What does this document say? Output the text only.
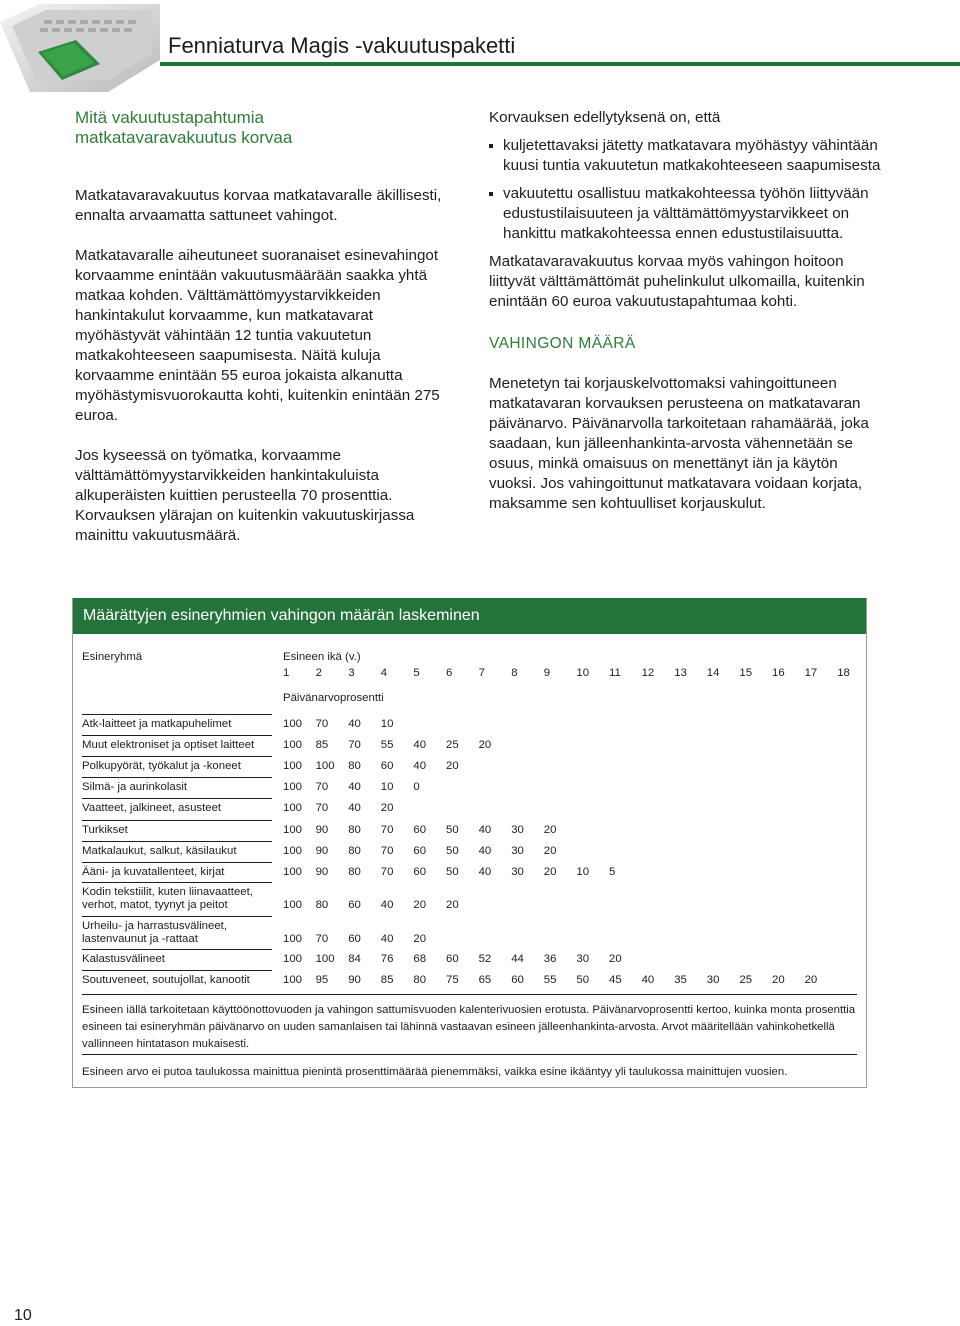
Fenniaturva Magis -vakuutuspaketti
Mitä vakuutustapahtumia
matkatavaravakuutus korvaa

Matkatavaravakuutus korvaa matkatavaralle äkillisesti, ennalta arvaamatta sattuneet vahingot.

Matkatavaralle aiheutuneet suoranaiset esinevahingot korvaamme enintään vakuutusmäärään saakka yhtä matkaa kohden. Välttämättömyystarvikkeiden hankintakulut korvaamme, kun matkatavarat myöhästyvät vähintään 12 tuntia vakuutetun matkakohteeseen saapumisesta. Näitä kuluja korvaamme enintään 55 euroa jokaista alkanutta myöhästymisvuorokautta kohti, kuitenkin enintään 275 euroa.

Jos kyseessä on työmatka, korvaamme välttämättömyystarvikkeiden hankintakuluista alkuperäisten kuittien perusteella 70 prosenttia. Korvauksen ylärajan on kuitenkin vakuutuskirjassa mainittu vakuutusmäärä.

Korvauksen edellytyksenä on, että

kuljetettavaksi jätetty matkatavara myöhästyy vähintään kuusi tuntia vakuutetun matkakohteeseen saapumisesta
vakuutettu osallistuu matkakohteessa työhön liittyvään edustustilaisuuteen ja välttämättömyystarvikkeet on hankittu matkakohteessa ennen edustustilaisuutta.

Matkatavaravakuutus korvaa myös vahingon hoitoon liittyvät välttämättömät puhelinkulut ulkomailla, kuitenkin enintään 60 euroa vakuutustapahtumaa kohti.

VAHINGON MÄÄRÄ

Menetetyn tai korjauskelvottomaksi vahingoittuneen matkatavaran korvauksen perusteena on matkatavaran päivänarvo. Päivänarvolla tarkoitetaan rahamäärää, joka saadaan, kun jälleenhankinta-arvosta vähennetään se osuus, minkä omaisuus on menettänyt iän ja käytön vuoksi. Jos vahingoittunut matkatavara voidaan korjata, maksamme sen kohtuulliset korjauskulut.

Määrättyjen esineryhmien vahingon määrän laskeminen
Esineryhmä	Esineen ikä (v.)
Päivänarvoprosentti
1	2	3	4	5	6	7	8	9	10	11	12	13	14	15	16	17	18
Atk-laitteet ja matkapuhelimet	100	70	40	10
Muut elektroniset ja optiset laitteet	100	85	70	55	40	25	20
Polkupyörät, työkalut ja -koneet	100	100	80	60	40	20
Silmä- ja aurinkolasit	100	70	40	10	0
Vaatteet, jalkineet, asusteet	100	70	40	20
Turkikset	100	90	80	70	60	50	40	30	20
Matkalaukut, salkut, käsilaukut	100	90	80	70	60	50	40	30	20
Ääni- ja kuvatallenteet, kirjat	100	90	80	70	60	50	40	30	20	10	5
Kodin tekstiilit, kuten liinavaatteet, verhot, matot, tyynyt ja peitot	100	80	60	40	20	20
Urheilu- ja harrastusvälineet, lastenvaunut ja -rattaat	100	70	60	40	20
Kalastusvälineet	100	100	84	76	68	60	52	44	36	30	20
Soutuveneet, soutujollat, kanootit	100	95	90	85	80	75	65	60	55	50	45	40	35	30	25	20	20
Esineen iällä tarkoitetaan käyttöönottovuoden ja vahingon sattumisvuoden kalenterivuosien erotusta. Päivänarvoprosentti kertoo, kuinka monta prosenttia esineen tai esineryhmän päivänarvo on uuden samanlaisen tai lähinnä vastaavan esineen jälleenhankinta-arvosta. Arvot määritellään vahinkohetkellä vallinneen hintatason mukaisesti.
Esineen arvo ei putoa taulukossa mainittua pienintä prosenttimäärää pienemmäksi, vaikka esine ikääntyy yli taulukossa mainittujen vuosien.
10
